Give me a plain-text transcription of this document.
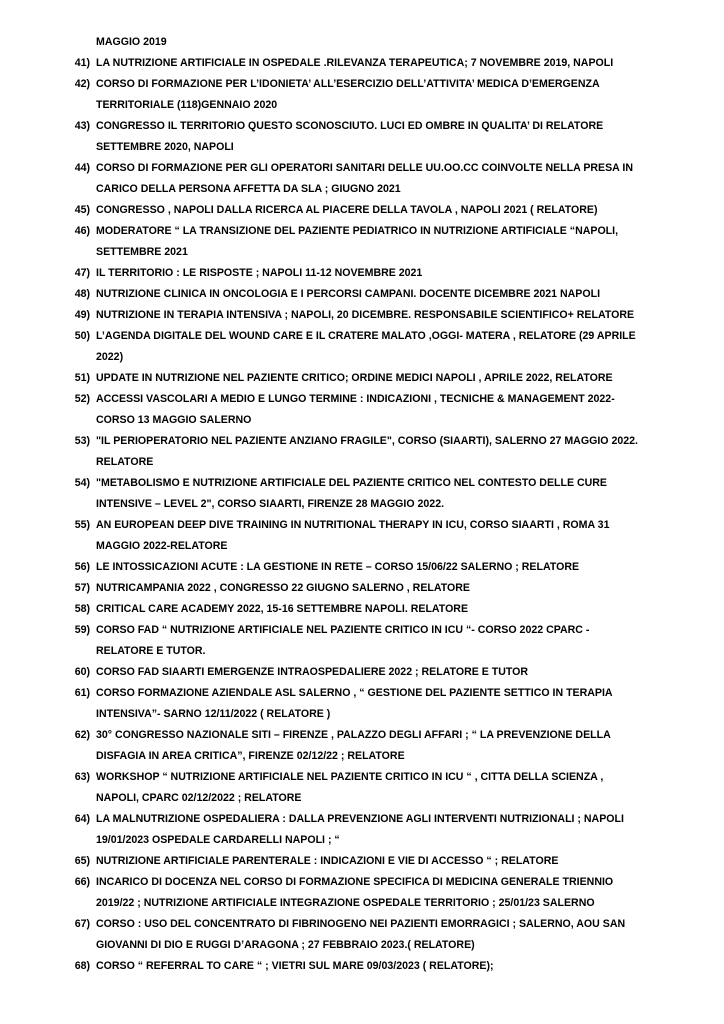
MAGGIO 2019
41) LA NUTRIZIONE ARTIFICIALE IN OSPEDALE .RILEVANZA TERAPEUTICA; 7 NOVEMBRE 2019, NAPOLI
42) CORSO DI FORMAZIONE PER L’IDONIETA’ ALL’ESERCIZIO DELL’ATTIVITA’ MEDICA D’EMERGENZA
TERRITORIALE (118)GENNAIO 2020
43) CONGRESSO IL TERRITORIO QUESTO SCONOSCIUTO. LUCI ED OMBRE IN QUALITA’ DI RELATORE
SETTEMBRE 2020, NAPOLI
44) CORSO DI FORMAZIONE PER GLI OPERATORI SANITARI DELLE UU.OO.CC COINVOLTE NELLA PRESA IN
CARICO DELLA PERSONA AFFETTA DA SLA ; GIUGNO 2021
45) CONGRESSO , NAPOLI DALLA RICERCA AL PIACERE DELLA TAVOLA , NAPOLI 2021 ( RELATORE)
46) MODERATORE “ LA TRANSIZIONE DEL PAZIENTE PEDIATRICO IN NUTRIZIONE ARTIFICIALE “NAPOLI,
SETTEMBRE 2021
47) IL TERRITORIO : LE RISPOSTE ; NAPOLI 11-12 NOVEMBRE 2021
48) NUTRIZIONE CLINICA IN ONCOLOGIA E I PERCORSI CAMPANI. DOCENTE DICEMBRE 2021 NAPOLI
49) NUTRIZIONE IN TERAPIA INTENSIVA ; NAPOLI, 20 DICEMBRE. RESPONSABILE SCIENTIFICO+ RELATORE
50) L’AGENDA DIGITALE DEL WOUND CARE E IL CRATERE MALATO ,OGGI- MATERA , RELATORE (29 APRILE
2022)
51) UPDATE IN NUTRIZIONE NEL PAZIENTE CRITICO; ORDINE MEDICI NAPOLI , APRILE 2022, RELATORE
52) ACCESSI VASCOLARI A MEDIO E LUNGO TERMINE : INDICAZIONI , TECNICHE & MANAGEMENT 2022-
CORSO 13 MAGGIO SALERNO
53) "IL PERIOPERATORIO NEL PAZIENTE ANZIANO FRAGILE", CORSO (SIAARTI), SALERNO 27 MAGGIO 2022.
RELATORE
54) "METABOLISMO E NUTRIZIONE ARTIFICIALE DEL PAZIENTE CRITICO NEL CONTESTO DELLE CURE
INTENSIVE – LEVEL 2", CORSO SIAARTI, FIRENZE 28 MAGGIO 2022.
55) AN EUROPEAN DEEP DIVE TRAINING IN NUTRITIONAL THERAPY IN ICU, CORSO SIAARTI , ROMA 31
MAGGIO 2022-RELATORE
56) LE INTOSSICAZIONI ACUTE : LA GESTIONE IN RETE – CORSO 15/06/22 SALERNO ; RELATORE
57) NUTRICAMPANIA 2022 , CONGRESSO 22 GIUGNO SALERNO , RELATORE
58) CRITICAL CARE ACADEMY 2022, 15-16 SETTEMBRE NAPOLI. RELATORE
59) CORSO FAD “ NUTRIZIONE ARTIFICIALE NEL PAZIENTE CRITICO IN ICU “- CORSO 2022 CPARC -
RELATORE E TUTOR.
60) CORSO FAD SIAARTI EMERGENZE INTRAOSPEDALIERE 2022 ; RELATORE E TUTOR
61) CORSO FORMAZIONE AZIENDALE ASL SALERNO , “ GESTIONE DEL PAZIENTE SETTICO IN TERAPIA
INTENSIVA”- SARNO 12/11/2022 ( RELATORE )
62) 30° CONGRESSO NAZIONALE SITI – FIRENZE , PALAZZO DEGLI AFFARI ; “ LA PREVENZIONE DELLA
DISFAGIA IN AREA CRITICA”, FIRENZE 02/12/22 ; RELATORE
63) WORKSHOP “ NUTRIZIONE ARTIFICIALE NEL PAZIENTE CRITICO IN ICU “ , CITTA DELLA SCIENZA ,
NAPOLI, CPARC 02/12/2022 ; RELATORE
64) LA MALNUTRIZIONE OSPEDALIERA : DALLA PREVENZIONE AGLI INTERVENTI NUTRIZIONALI ; NAPOLI
19/01/2023 OSPEDALE CARDARELLI NAPOLI ; “
65) NUTRIZIONE ARTIFICIALE PARENTERALE : INDICAZIONI E VIE DI ACCESSO “ ; RELATORE
66) INCARICO DI DOCENZA NEL CORSO DI FORMAZIONE SPECIFICA DI MEDICINA GENERALE TRIENNIO
2019/22 ; NUTRIZIONE ARTIFICIALE INTEGRAZIONE OSPEDALE TERRITORIO ; 25/01/23 SALERNO
67) CORSO : USO DEL CONCENTRATO DI FIBRINOGENO NEI PAZIENTI EMORRAGICI ; SALERNO, AOU SAN
GIOVANNI DI DIO E RUGGI D’ARAGONA ; 27 FEBBRAIO 2023.( RELATORE)
68) CORSO “ REFERRAL TO CARE “ ; VIETRI SUL MARE 09/03/2023 ( RELATORE);
